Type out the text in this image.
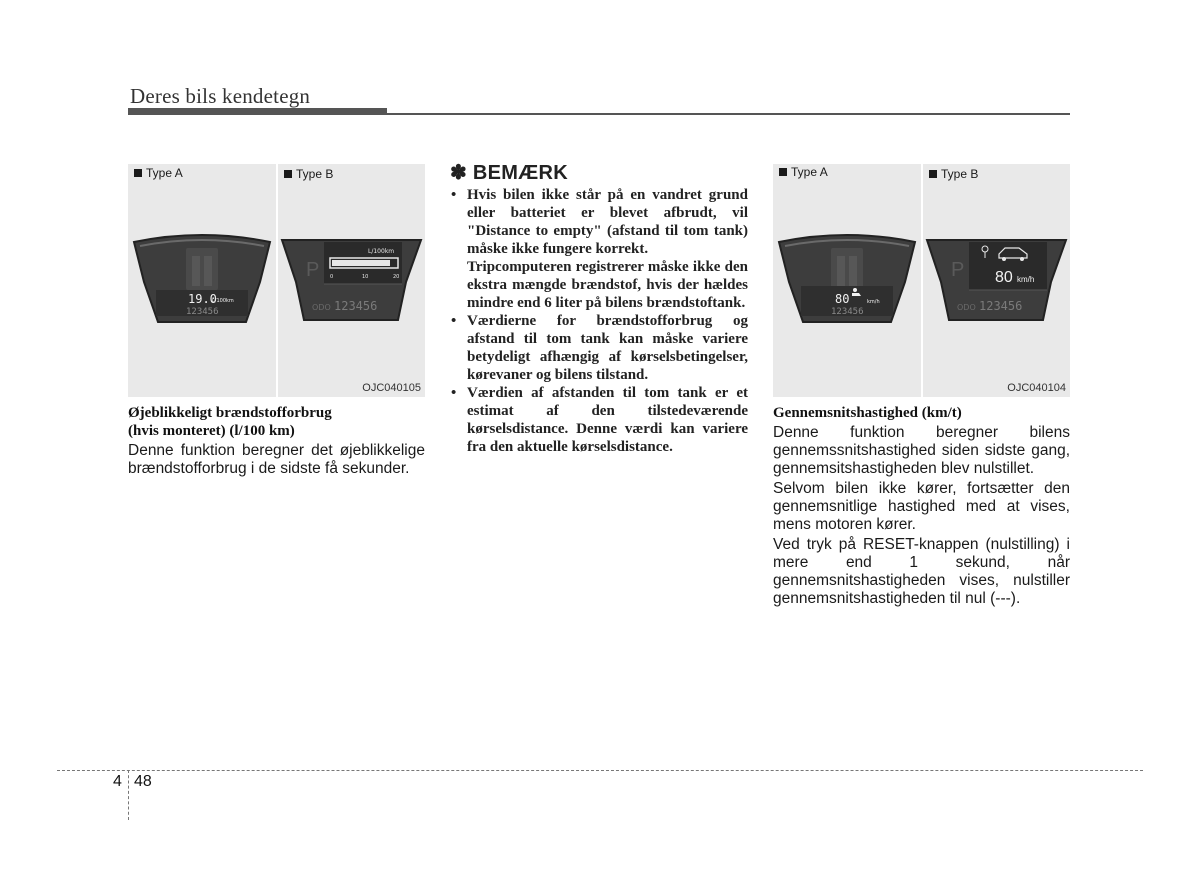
Deres bils kendetegn
Type A	Type B
19.0
L/100km
123456
P
L/100km
0	10	20
ODO 123456
OJC040105
Øjeblikkeligt brændstofforbrug
(hvis monteret) (l/100 km)

Denne funktion beregner det øjeblikkelige brændstofforbrug i de sidste få sekunder.

✽ BEMÆRK
• Hvis bilen ikke står på en vandret grund eller batteriet er blevet afbrudt, vil "Distance to empty" (afstand til tom tank) måske ikke fungere korrekt.
Tripcomputeren registrerer måske ikke den ekstra mængde brændstof, hvis der hældes mindre end 6 liter på bilens brændstoftank.
• Værdierne for brændstofforbrug og afstand til tom tank kan måske variere betydeligt afhængig af kørselsbetingelser, kørevaner og bilens tilstand.
• Værdien af afstanden til tom tank er et estimat af den tilstedeværende kørselsdistance. Denne værdi kan variere fra den aktuelle kørselsdistance.
Type A	Type B
80	km/h
123456
P 80 km/h
ODO 123456
OJC040104
Gennemsnitshastighed (km/t)

Denne funktion beregner bilens gennemssnitshastighed siden sidste gang, gennemsitshastigheden blev nulstillet.

Selvom bilen ikke kører, fortsætter den gennemsnitlige hastighed med at vises, mens motoren kører.

Ved tryk på RESET-knappen (nulstilling) i mere end 1 sekund, når gennemsnitshastigheden vises, nulstiller gennemsnitshastigheden til nul (---).

4 48
